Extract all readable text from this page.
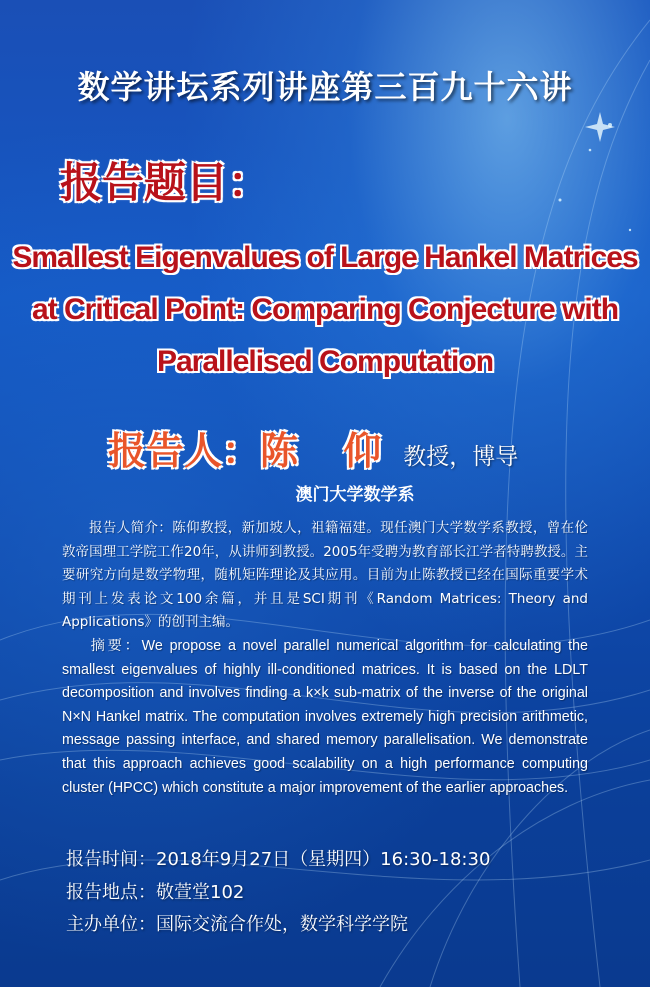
数学讲坛系列讲座第三百九十六讲
报告题目：
Smallest Eigenvalues of Large Hankel Matrices
at Critical Point: Comparing Conjecture with
Parallelised Computation
报告人：陈 仰 教授，博导
澳门大学数学系
报告人简介：陈仰教授，新加坡人，祖籍福建。现任澳门大学数学系教授，曾在伦敦帝国理工学院工作20年，从讲师到教授。2005年受聘为教育部长江学者特聘教授。主要研究方向是数学物理，随机矩阵理论及其应用。目前为止陈教授已经在国际重要学术期刊上发表论文100余篇，并且是SCI期刊《Random Matrices: Theory and Applications》的创刊主编。
摘要：We propose a novel parallel numerical algorithm for calculating the smallest eigenvalues of highly ill-conditioned matrices. It is based on the LDLT decomposition and involves finding a k×k sub-matrix of the inverse of the original N×N Hankel matrix. The computation involves extremely high precision arithmetic, message passing interface, and shared memory parallelisation. We demonstrate that this approach achieves good scalability on a high performance computing cluster (HPCC) which constitute a major improvement of the earlier approaches.
报告时间：2018年9月27日（星期四）16:30-18:30
报告地点：敬萱堂102
主办单位：国际交流合作处，数学科学学院
